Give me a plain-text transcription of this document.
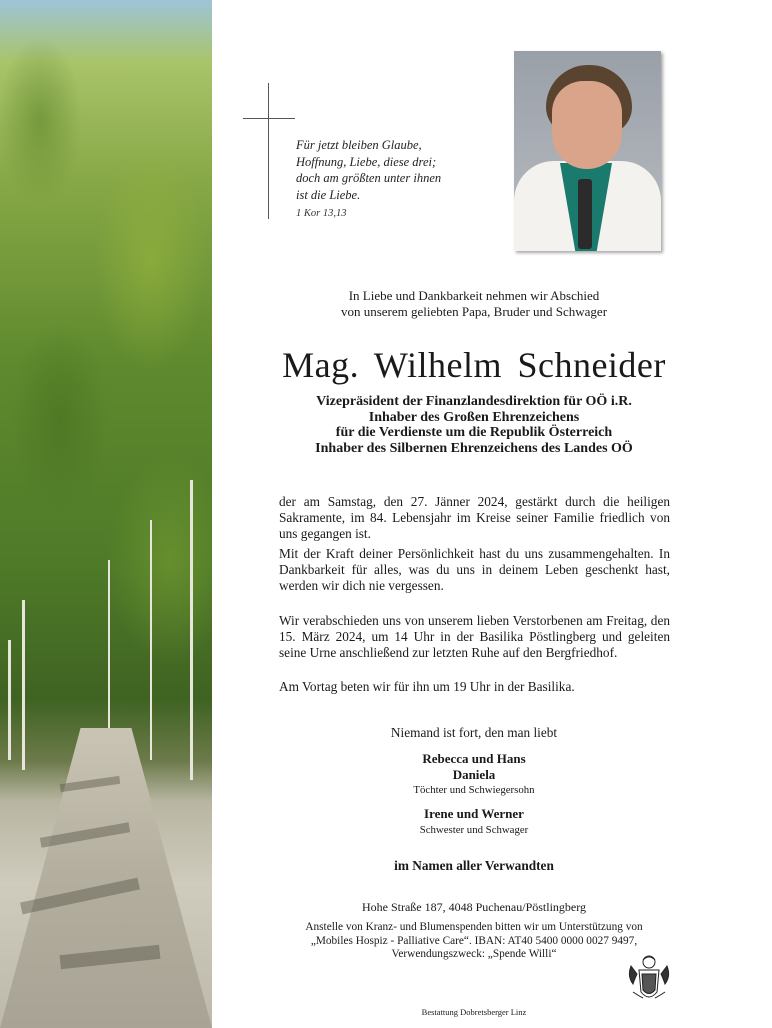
Für jetzt bleiben Glaube,
Hoffnung, Liebe, diese drei;
doch am größten unter ihnen
ist die Liebe.
1 Kor 13,13
In Liebe und Dankbarkeit nehmen wir Abschied
von unserem geliebten Papa, Bruder und Schwager
Mag. Wilhelm Schneider
Vizepräsident der Finanzlandesdirektion für OÖ i.R.
Inhaber des Großen Ehrenzeichens
für die Verdienste um die Republik Österreich
Inhaber des Silbernen Ehrenzeichens des Landes OÖ
der am Samstag, den 27. Jänner 2024, gestärkt durch die heiligen Sakramente, im 84. Lebensjahr im Kreise seiner Familie friedlich von uns gegangen ist.
Mit der Kraft deiner Persönlichkeit hast du uns zusammengehalten. In Dankbarkeit für alles, was du uns in deinem Leben geschenkt hast, werden wir dich nie vergessen.
Wir verabschieden uns von unserem lieben Verstorbenen am Freitag, den 15. März 2024, um 14 Uhr in der Basilika Pöstlingberg und geleiten seine Urne anschließend zur letzten Ruhe auf den Bergfriedhof.
Am Vortag beten wir für ihn um 19 Uhr in der Basilika.
Niemand ist fort, den man liebt
Rebecca und Hans
Daniela
Töchter und Schwiegersohn
Irene und Werner
Schwester und Schwager
im Namen aller Verwandten
Hohe Straße 187, 4048 Puchenau/Pöstlingberg
Anstelle von Kranz- und Blumenspenden bitten wir um Unterstützung von
„Mobiles Hospiz - Palliative Care“. IBAN: AT40 5400 0000 0027 9497,
Verwendungszweck: „Spende Willi“
Bestattung Dobretsberger Linz
